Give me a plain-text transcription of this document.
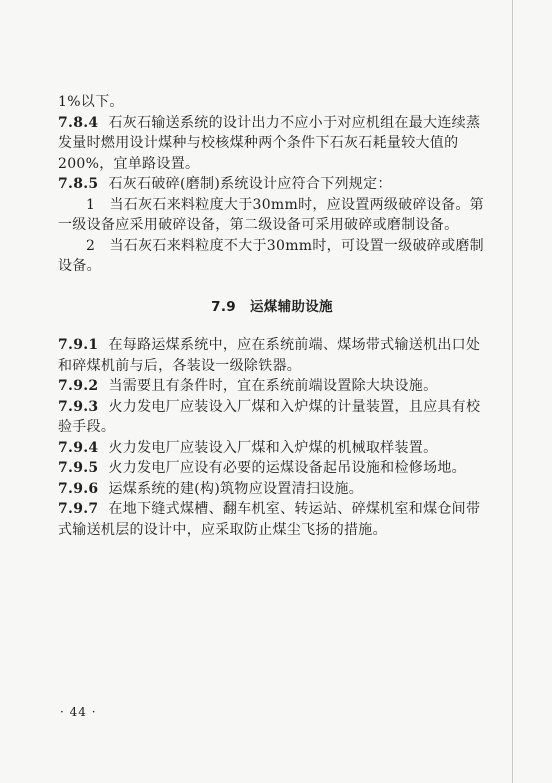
1%以下。

7.8.4 石灰石输送系统的设计出力不应小于对应机组在最大连续蒸发量时燃用设计煤种与校核煤种两个条件下石灰石耗量较大值的200%，宜单路设置。

7.8.5 石灰石破碎(磨制)系统设计应符合下列规定：

1　当石灰石来料粒度大于30mm时，应设置两级破碎设备。第一级设备应采用破碎设备，第二级设备可采用破碎或磨制设备。

2　当石灰石来料粒度不大于30mm时，可设置一级破碎或磨制设备。

7.9 运煤辅助设施

7.9.1 在每路运煤系统中，应在系统前端、煤场带式输送机出口处和碎煤机前与后，各装设一级除铁器。

7.9.2 当需要且有条件时，宜在系统前端设置除大块设施。

7.9.3 火力发电厂应装设入厂煤和入炉煤的计量装置，且应具有校验手段。

7.9.4 火力发电厂应装设入厂煤和入炉煤的机械取样装置。

7.9.5 火力发电厂应设有必要的运煤设备起吊设施和检修场地。

7.9.6 运煤系统的建(构)筑物应设置清扫设施。

7.9.7 在地下缝式煤槽、翻车机室、转运站、碎煤机室和煤仓间带式输送机层的设计中，应采取防止煤尘飞扬的措施。

· 44 ·
